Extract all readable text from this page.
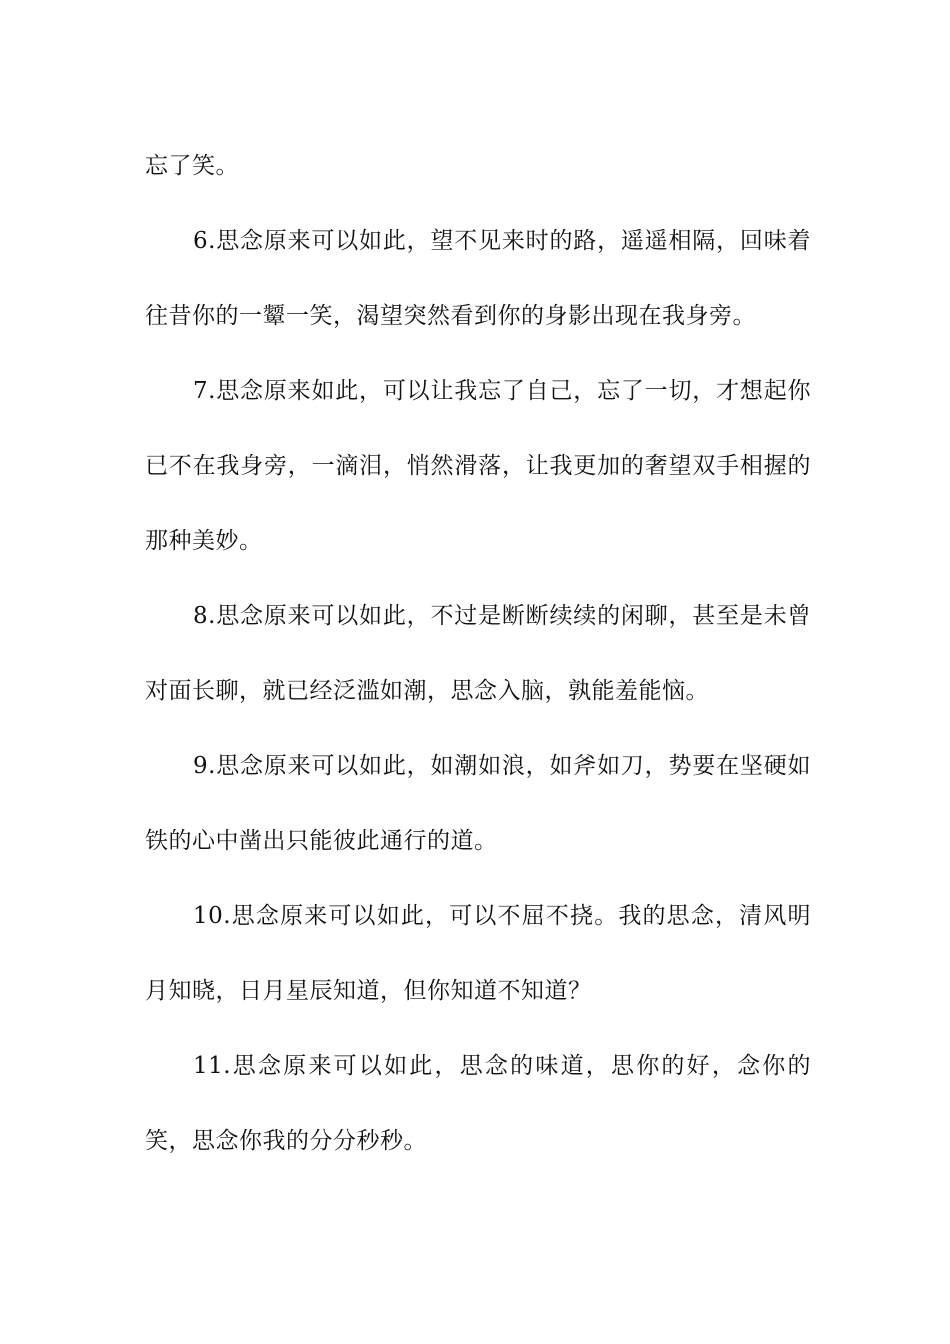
忘了笑。

6.思念原来可以如此，望不见来时的路，遥遥相隔，回味着往昔你的一颦一笑，渴望突然看到你的身影出现在我身旁。

7.思念原来如此，可以让我忘了自己，忘了一切，才想起你已不在我身旁，一滴泪，悄然滑落，让我更加的奢望双手相握的那种美妙。

8.思念原来可以如此，不过是断断续续的闲聊，甚至是未曾对面长聊，就已经泛滥如潮，思念入脑，孰能羞能恼。

9.思念原来可以如此，如潮如浪，如斧如刀，势要在坚硬如铁的心中凿出只能彼此通行的道。

10.思念原来可以如此，可以不屈不挠。我的思念，清风明月知晓，日月星辰知道，但你知道不知道？

11.思念原来可以如此，思念的味道，思你的好，念你的笑，思念你我的分分秒秒。
